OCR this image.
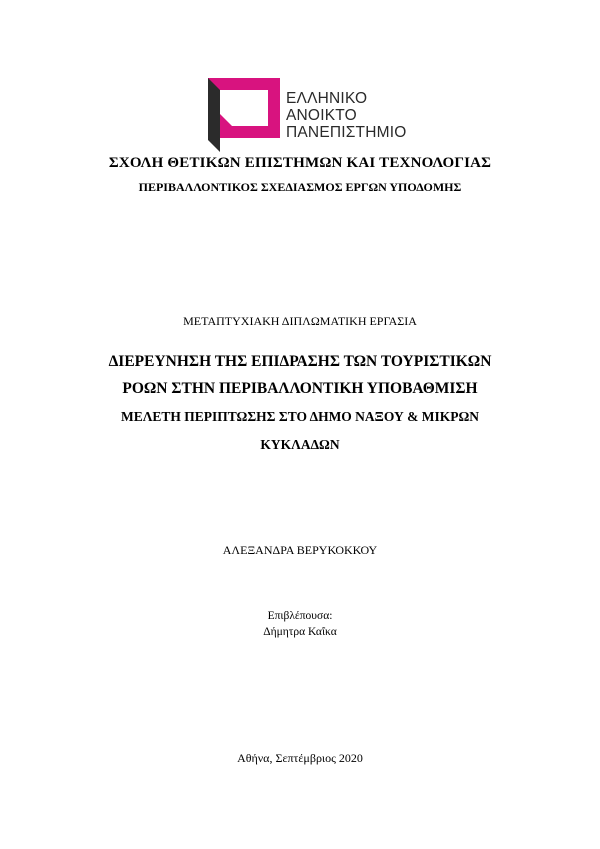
ΕΛΛΗΝΙΚΟ
ΑΝΟΙΚΤΟ
ΠΑΝΕΠΙΣΤΗΜΙΟ
ΣΧΟΛΗ ΘΕΤΙΚΩΝ ΕΠΙΣΤΗΜΩΝ ΚΑΙ ΤΕΧΝΟΛΟΓΙΑΣ
ΠΕΡΙΒΑΛΛΟΝΤΙΚΟΣ ΣΧΕΔΙΑΣΜΟΣ ΕΡΓΩΝ ΥΠΟΔΟΜΗΣ
ΜΕΤΑΠΤΥΧΙΑΚΗ ΔΙΠΛΩΜΑΤΙΚΗ ΕΡΓΑΣΙΑ
ΔΙΕΡΕΥΝΗΣΗ ΤΗΣ ΕΠΙΔΡΑΣΗΣ ΤΩΝ ΤΟΥΡΙΣΤΙΚΩΝ
ΡΟΩΝ ΣΤΗΝ ΠΕΡΙΒΑΛΛΟΝΤΙΚΗ ΥΠΟΒΑΘΜΙΣΗ
ΜΕΛΕΤΗ ΠΕΡΙΠΤΩΣΗΣ ΣΤΟ ΔΗΜΟ ΝΑΞΟΥ & ΜΙΚΡΩΝ
ΚΥΚΛΑΔΩΝ
ΑΛΕΞΑΝΔΡΑ ΒΕΡΥΚΟΚΚΟΥ
Επιβλέπουσα:
Δήμητρα Καΐκα
Αθήνα, Σεπτέμβριος 2020
